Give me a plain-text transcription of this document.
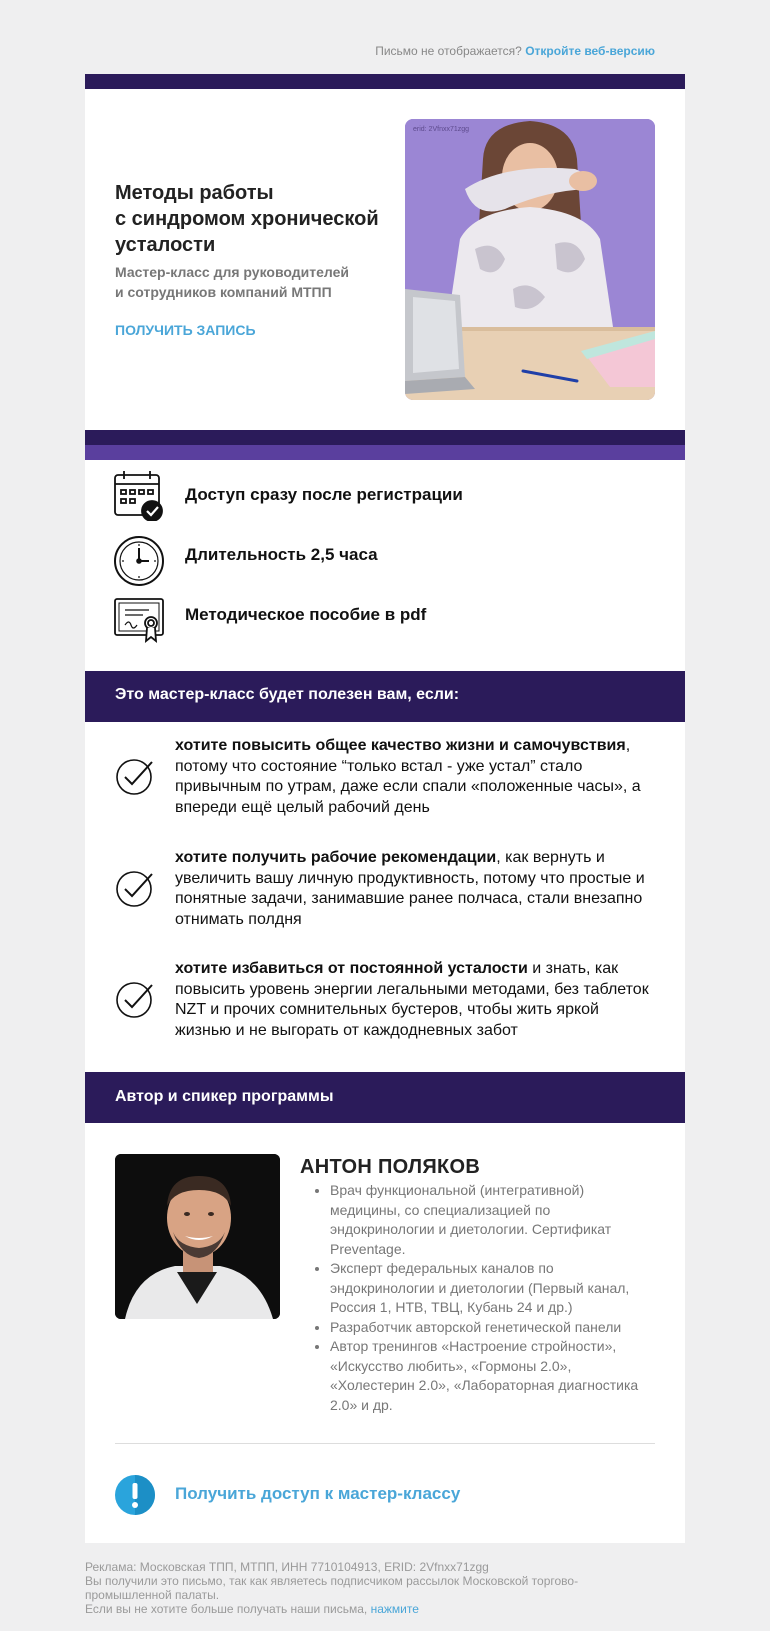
Письмо не отображается? Откройте веб-версию
Методы работы
с синдромом хронической
усталости
Мастер-класс для руководителей
и сотрудников компаний МТПП
ПОЛУЧИТЬ ЗАПИСЬ
erid: 2Vfnxx71zgg
Доступ сразу после регистрации
Длительность 2,5 часа
Методическое пособие в pdf
Это мастер-класс будет полезен вам, если:
хотите повысить общее качество жизни и самочувствия, потому что состояние “только встал - уже устал” стало привычным по утрам, даже если спали «положенные часы», а впереди ещё целый рабочий день
хотите получить рабочие рекомендации, как вернуть и увеличить вашу личную продуктивность, потому что простые и понятные задачи, занимавшие ранее полчаса, стали внезапно отнимать полдня
хотите избавиться от постоянной усталости и знать, как повысить уровень энергии легальными методами, без таблеток NZT и прочих сомнительных бустеров, чтобы жить яркой жизнью и не выгорать от каждодневных забот
Автор и спикер программы
АНТОН ПОЛЯКОВ
• Врач функциональной (интегративной) медицины, со специализацией по эндокринологии и диетологии. Сертификат Preventage.
• Эксперт федеральных каналов по эндокринологии и диетологии (Первый канал, Россия 1, НТВ, ТВЦ, Кубань 24 и др.)
• Разработчик авторской генетической панели
• Автор тренингов «Настроение стройности», «Искусство любить», «Гормоны 2.0», «Холестерин 2.0», «Лабораторная диагностика 2.0» и др.
Получить доступ к мастер-классу
Реклама: Московская ТПП, МТПП, ИНН 7710104913, ERID: 2Vfnxx71zgg
Вы получили это письмо, так как являетесь подписчиком рассылок Московской торгово-промышленной палаты.
Если вы не хотите больше получать наши письма, нажмите
